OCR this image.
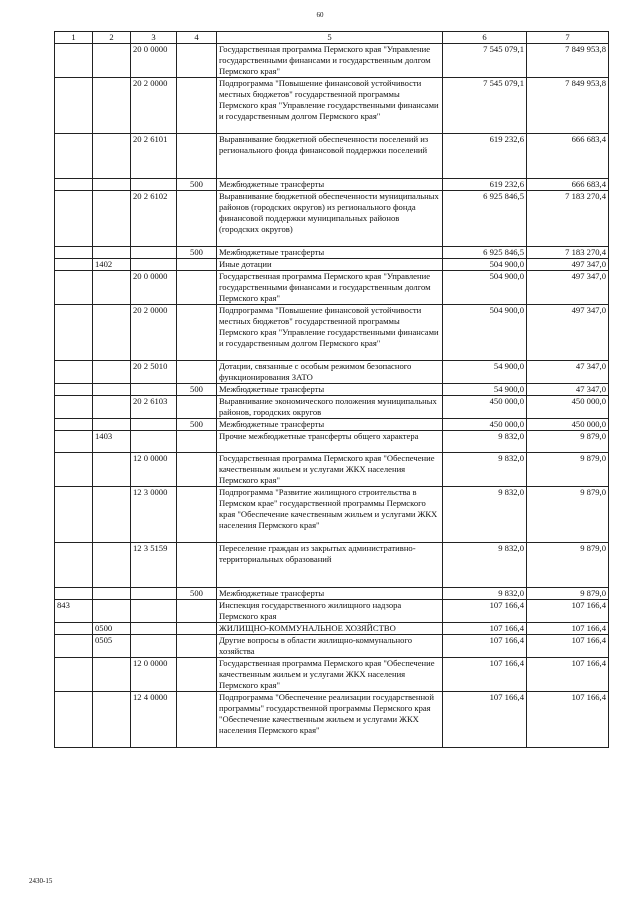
60
1	2	3	4	5	6	7
		20 0 0000		Государственная программа Пермского края "Управление государственными финансами и государственным долгом Пермского края"	7 545 079,1	7 849 953,8
		20 2 0000		Подпрограмма "Повышение финансовой устойчивости местных бюджетов" государственной программы Пермского края "Управление государственными финансами и государственным долгом Пермского края"	7 545 079,1	7 849 953,8
		20 2 6101		Выравнивание бюджетной обеспеченности поселений из регионального фонда финансовой поддержки поселений	619 232,6	666 683,4
			500	Межбюджетные трансферты	619 232,6	666 683,4
		20 2 6102		Выравнивание бюджетной обеспеченности муниципальных районов (городских округов) из регионального фонда финансовой поддержки муниципальных районов (городских округов)	6 925 846,5	7 183 270,4
			500	Межбюджетные трансферты	6 925 846,5	7 183 270,4
	1402			Иные дотации	504 900,0	497 347,0
		20 0 0000		Государственная программа Пермского края "Управление государственными финансами и государственным долгом Пермского края"	504 900,0	497 347,0
		20 2 0000		Подпрограмма "Повышение финансовой устойчивости местных бюджетов" государственной программы Пермского края "Управление государственными финансами и государственным долгом Пермского края"	504 900,0	497 347,0
		20 2 5010		Дотации, связанные с особым режимом безопасного функционирования ЗАТО	54 900,0	47 347,0
			500	Межбюджетные трансферты	54 900,0	47 347,0
		20 2 6103		Выравнивание экономического положения муниципальных районов, городских округов	450 000,0	450 000,0
			500	Межбюджетные трансферты	450 000,0	450 000,0
	1403			Прочие межбюджетные трансферты общего характера	9 832,0	9 879,0
		12 0 0000		Государственная программа Пермского края "Обеспечение качественным жильем и услугами ЖКХ населения Пермского края"	9 832,0	9 879,0
		12 3 0000		Подпрограмма "Развитие жилищного строительства в Пермском крае" государственной программы Пермского края "Обеспечение качественным жильем и услугами ЖКХ населения Пермского края"	9 832,0	9 879,0
		12 3 5159		Переселение граждан из закрытых административно-территориальных образований	9 832,0	9 879,0
			500	Межбюджетные трансферты	9 832,0	9 879,0
843				Инспекция государственного жилищного надзора Пермского края	107 166,4	107 166,4
	0500			ЖИЛИЩНО-КОММУНАЛЬНОЕ ХОЗЯЙСТВО	107 166,4	107 166,4
	0505			Другие вопросы в области жилищно-коммунального хозяйства	107 166,4	107 166,4
		12 0 0000		Государственная программа Пермского края "Обеспечение качественным жильем и услугами ЖКХ населения Пермского края"	107 166,4	107 166,4
		12 4 0000		Подпрограмма "Обеспечение реализации государственной программы" государственной программы Пермского края "Обеспечение качественным жильем и услугами ЖКХ населения Пермского края"	107 166,4	107 166,4
2430-15
